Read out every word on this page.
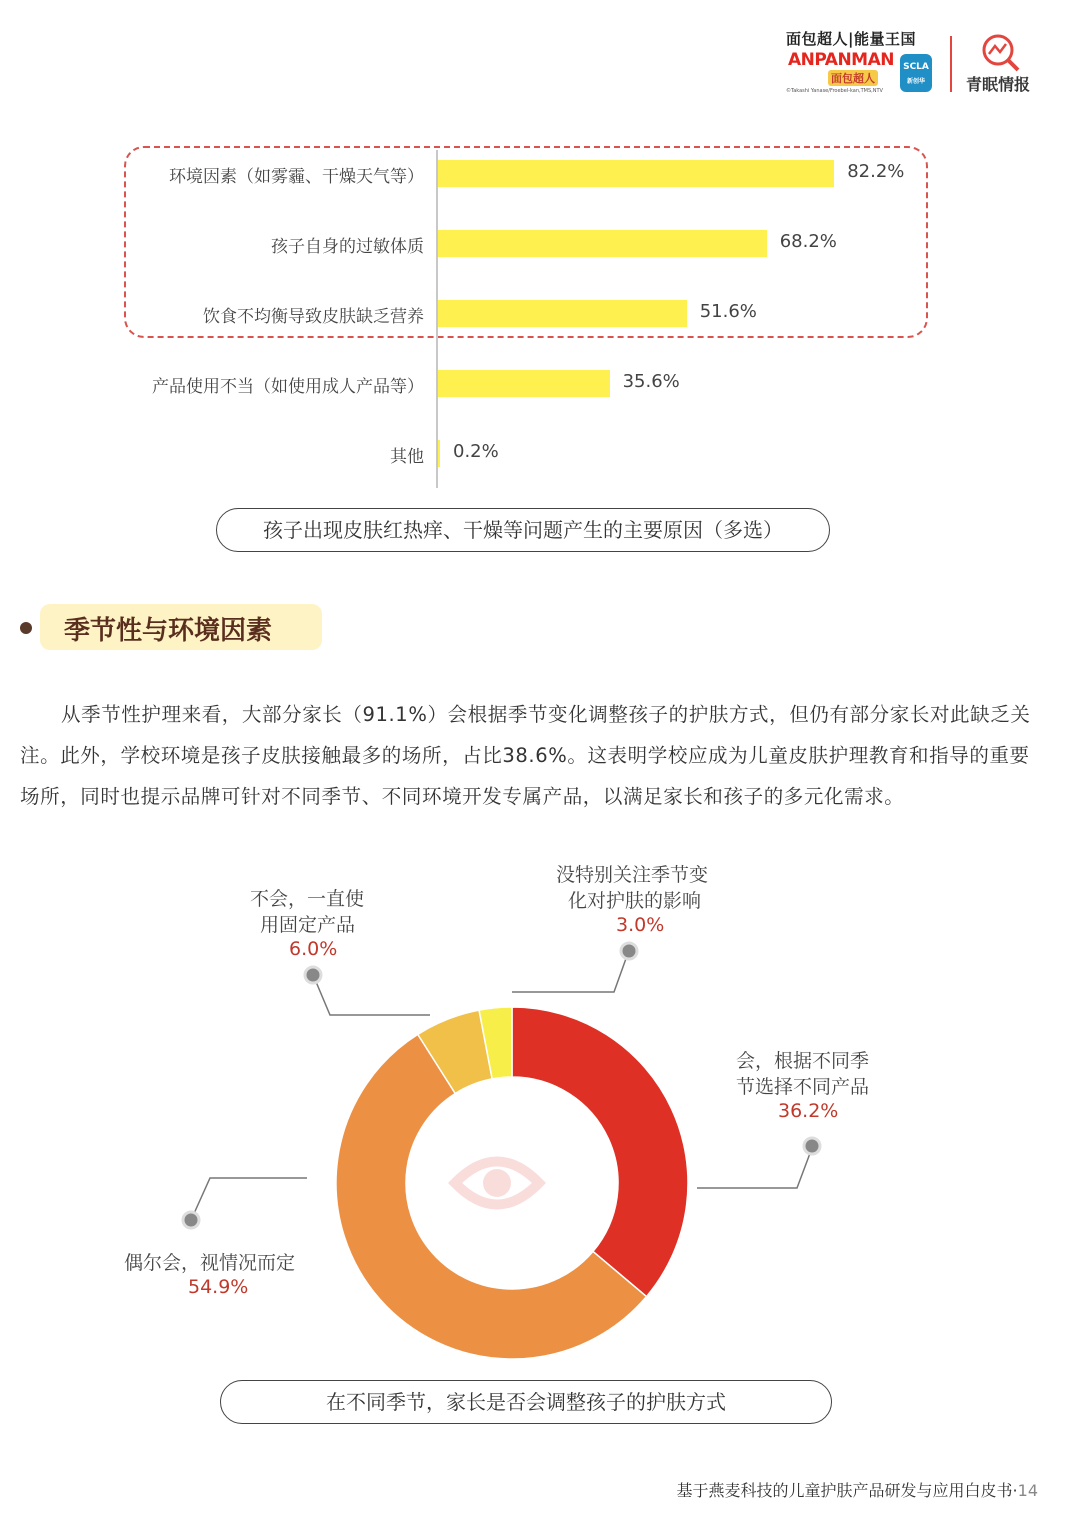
面包超人|能量王国
ANPANMAN
面包超人
©Takashi Yanase/Froebel-kan,TMS,NTV
SCLA
新创华	青眠情报
环境因素（如雾霾、干燥天气等）	82.2%
孩子自身的过敏体质	68.2%
饮食不均衡导致皮肤缺乏营养	51.6%
产品使用不当（如使用成人产品等）	35.6%
其他 0.2%
孩子出现皮肤红热痒、干燥等问题产生的主要原因（多选）
季节性与环境因素
从季节性护理来看，大部分家长（91.1%）会根据季节变化调整孩子的护肤方式，但仍有部分家长对此缺乏关注。此外，学校环境是孩子皮肤接触最多的场所，占比38.6%。这表明学校应成为儿童皮肤护理教育和指导的重要场所，同时也提示品牌可针对不同季节、不同环境开发专属产品，以满足家长和孩子的多元化需求。
会，根据不同季
节选择不同产品
36.2%
偶尔会，视情况而定
54.9%
不会，一直使
用固定产品
6.0%
没特别关注季节变
化对护肤的影响
3.0%
在不同季节，家长是否会调整孩子的护肤方式
基于燕麦科技的儿童护肤产品研发与应用白皮书·14
